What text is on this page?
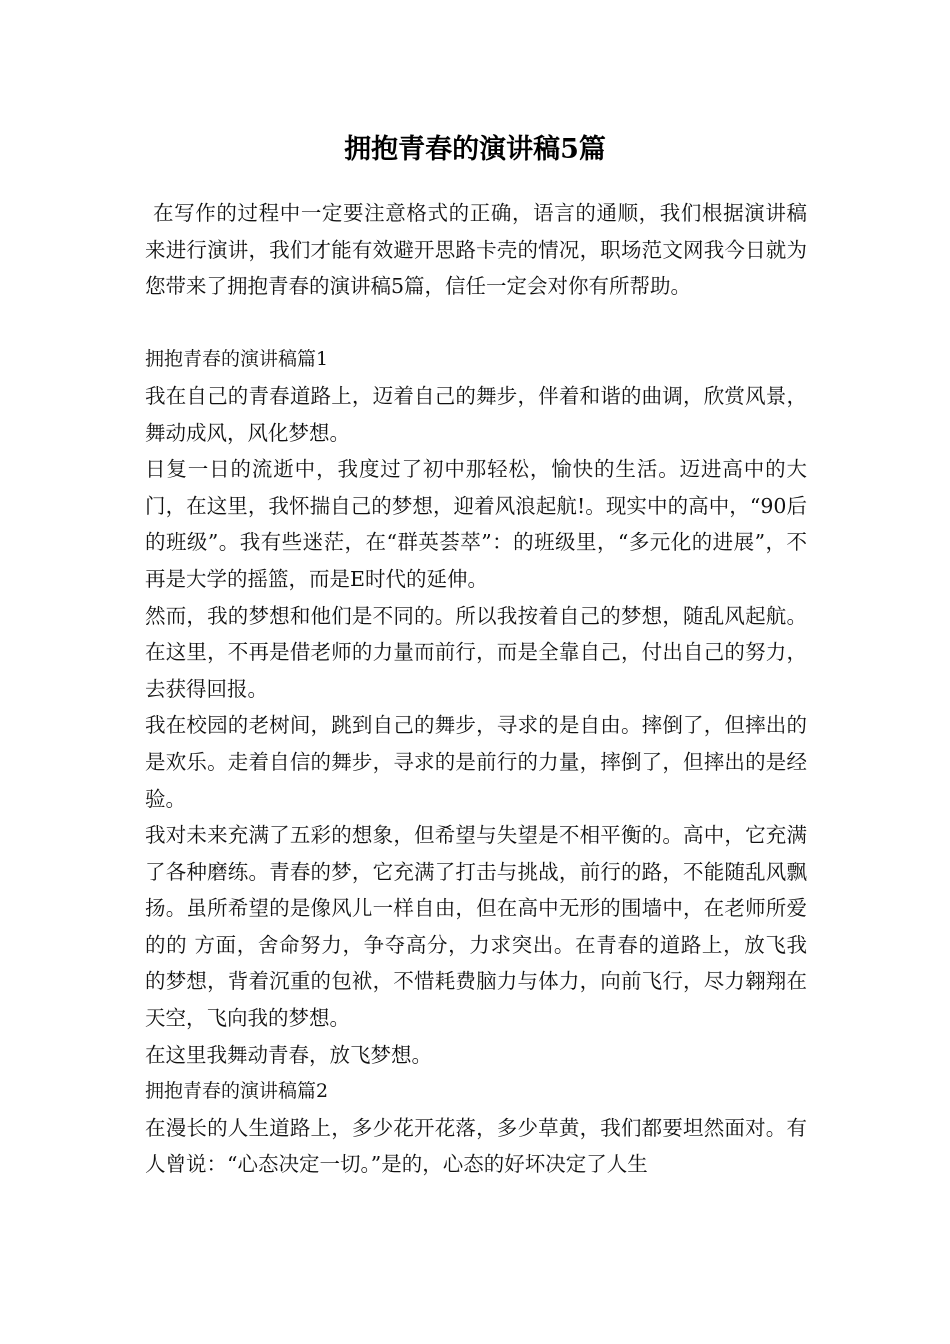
拥抱青春的演讲稿5篇

在写作的过程中一定要注意格式的正确，语言的通顺，我们根据演讲稿来进行演讲，我们才能有效避开思路卡壳的情况，职场范文网我今日就为您带来了拥抱青春的演讲稿5篇，信任一定会对你有所帮助。

拥抱青春的演讲稿篇1

我在自己的青春道路上，迈着自己的舞步，伴着和谐的曲调，欣赏风景，舞动成风，风化梦想。

日复一日的流逝中，我度过了初中那轻松，愉快的生活。迈进高中的大门，在这里，我怀揣自己的梦想，迎着风浪起航!。现实中的高中，“90后的班级”。我有些迷茫，在“群英荟萃”：的班级里，“多元化的进展”，不再是大学的摇篮，而是E时代的延伸。

然而，我的梦想和他们是不同的。所以我按着自己的梦想，随乱风起航。在这里，不再是借老师的力量而前行，而是全靠自己，付出自己的努力，去获得回报。

我在校园的老树间，跳到自己的舞步，寻求的是自由。摔倒了，但摔出的是欢乐。走着自信的舞步，寻求的是前行的力量，摔倒了，但摔出的是经验。

我对未来充满了五彩的想象，但希望与失望是不相平衡的。高中，它充满了各种磨练。青春的梦，它充满了打击与挑战，前行的路，不能随乱风飘扬。虽所希望的是像风儿一样自由，但在高中无形的围墙中，在老师所爱的的 方面，舍命努力，争夺高分，力求突出。在青春的道路上，放飞我的梦想，背着沉重的包袱，不惜耗费脑力与体力，向前飞行，尽力翱翔在天空，飞向我的梦想。

在这里我舞动青春，放飞梦想。

拥抱青春的演讲稿篇2

在漫长的人生道路上，多少花开花落，多少草黄，我们都要坦然面对。有人曾说：“心态决定一切。”是的，心态的好坏决定了人生
